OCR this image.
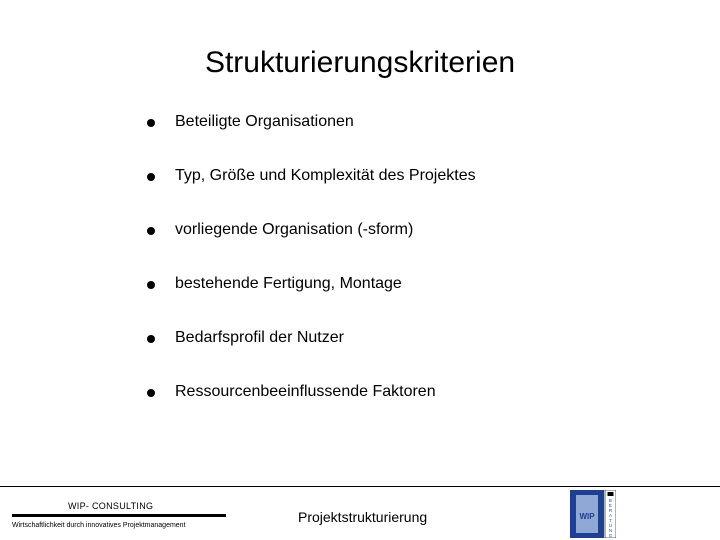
Strukturierungskriterien
Beteiligte Organisationen
Typ, Größe und Komplexität des Projektes
vorliegende Organisation (-sform)
bestehende Fertigung, Montage
Bedarfsprofil der Nutzer
Ressourcenbeeinflussende Faktoren
WIP- CONSULTING
Wirtschaftlichkeit durch innovatives Projektmanagement
Projektstrukturierung	WIP
B
E
R
A
T
U
N
G
